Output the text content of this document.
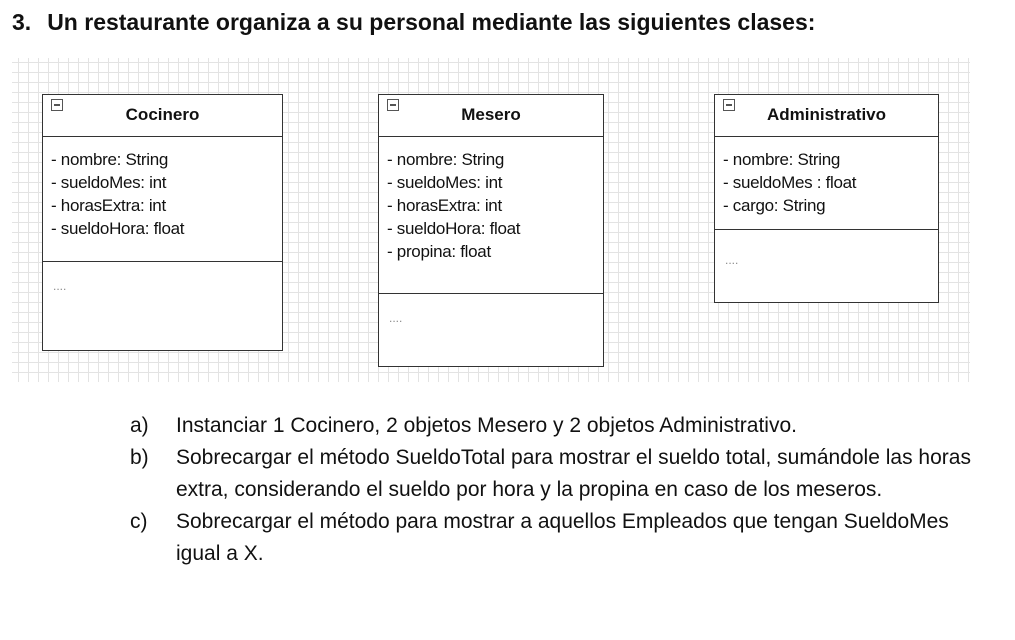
3. Un restaurante organiza a su personal mediante las siguientes clases:
Cocinero
- nombre: String
- sueldoMes: int
- horasExtra: int
- sueldoHora: float
....
Mesero
- nombre: String
- sueldoMes: int
- horasExtra: int
- sueldoHora: float
- propina: float
....
Administrativo
- nombre: String
- sueldoMes : float
- cargo: String
....
a) Instanciar 1 Cocinero, 2 objetos Mesero y 2 objetos Administrativo.
b) Sobrecargar el método SueldoTotal para mostrar el sueldo total, sumándole las horas extra, considerando el sueldo por hora y la propina en caso de los meseros.
c) Sobrecargar el método para mostrar a aquellos Empleados que tengan SueldoMes igual a X.
